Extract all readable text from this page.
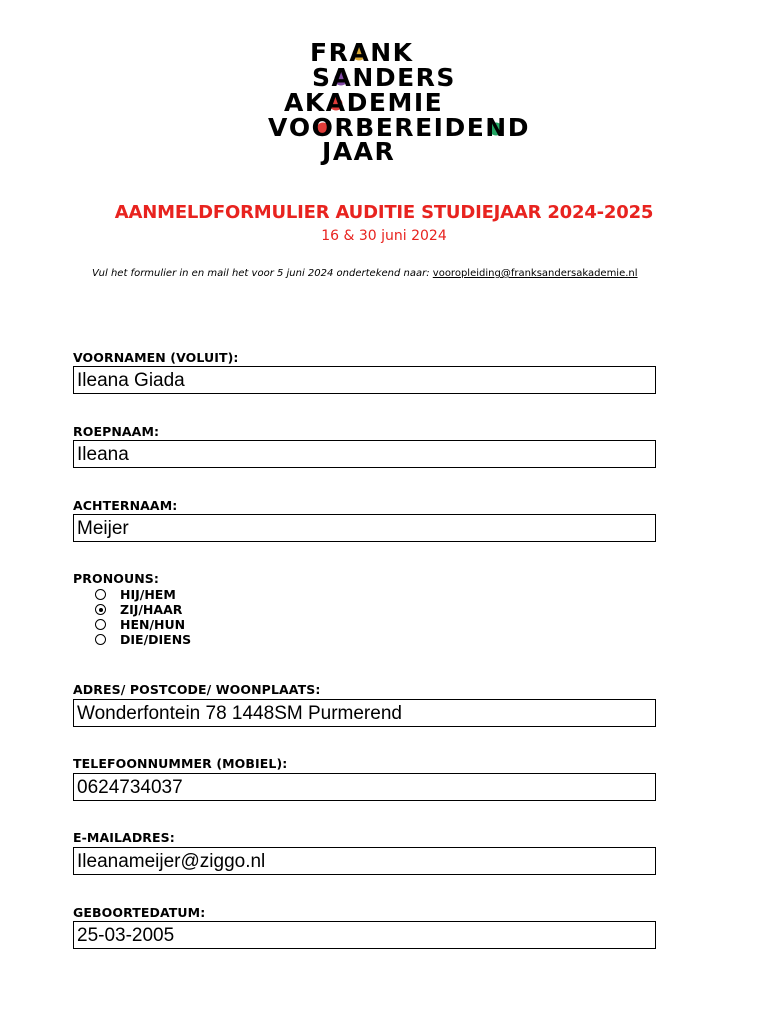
F R A N K
S A N D E R S
A K A D E M I E
V O O R B E R E I D E N D
J A A R
AANMELDFORMULIER AUDITIE STUDIEJAAR 2024-2025
16 & 30 juni 2024
Vul het formulier in en mail het voor 5 juni 2024 ondertekend naar: vooropleiding@franksandersakademie.nl
VOORNAMEN (VOLUIT):
Ileana Giada
ROEPNAAM:
Ileana
ACHTERNAAM:
Meijer
PRONOUNS:
HIJ/HEM
ZIJ/HAAR
HEN/HUN
DIE/DIENS
ADRES/ POSTCODE/ WOONPLAATS:
Wonderfontein 78 1448SM Purmerend
TELEFOONNUMMER (MOBIEL):
0624734037
E-MAILADRES:
Ileanameijer@ziggo.nl
GEBOORTEDATUM:
25-03-2005
